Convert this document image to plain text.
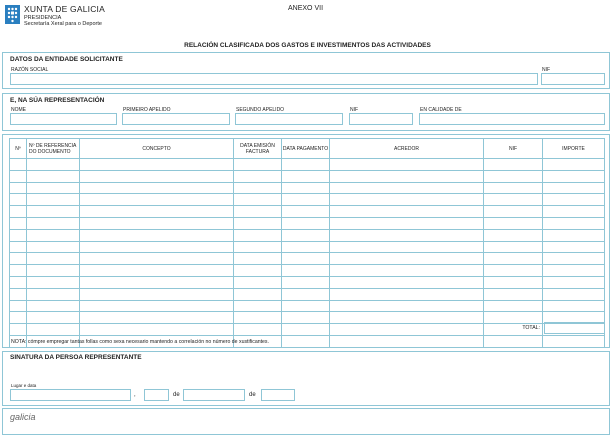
XUNTA DE GALICIA
PRESIDENCIA
Secretaría Xeral para o Deporte
ANEXO VII
RELACIÓN CLASIFICADA DOS GASTOS E INVESTIMENTOS DAS ACTIVIDADES
DATOS DA ENTIDADE SOLICITANTE
RAZÓN SOCIAL	NIF
E, NA SÚA REPRESENTACIÓN
NOME	PRIMEIRO APELIDO	SEGUNDO APELIDO	NIF	EN CALIDADE DE
Nº	Nº DE REFERENCIA DO DOCUMENTO	CONCEPTO	DATA EMISIÓN FACTURA	DATA PAGAMENTO	ACREDOR	NIF	IMPORTE

TOTAL:
NOTA: cómpre empregar tantas follas como sexa necesario mantendo a correlación no número de xustificantes.
SINATURA DA PERSOA REPRESENTANTE
Lugar e data
,	de	de
galicia
